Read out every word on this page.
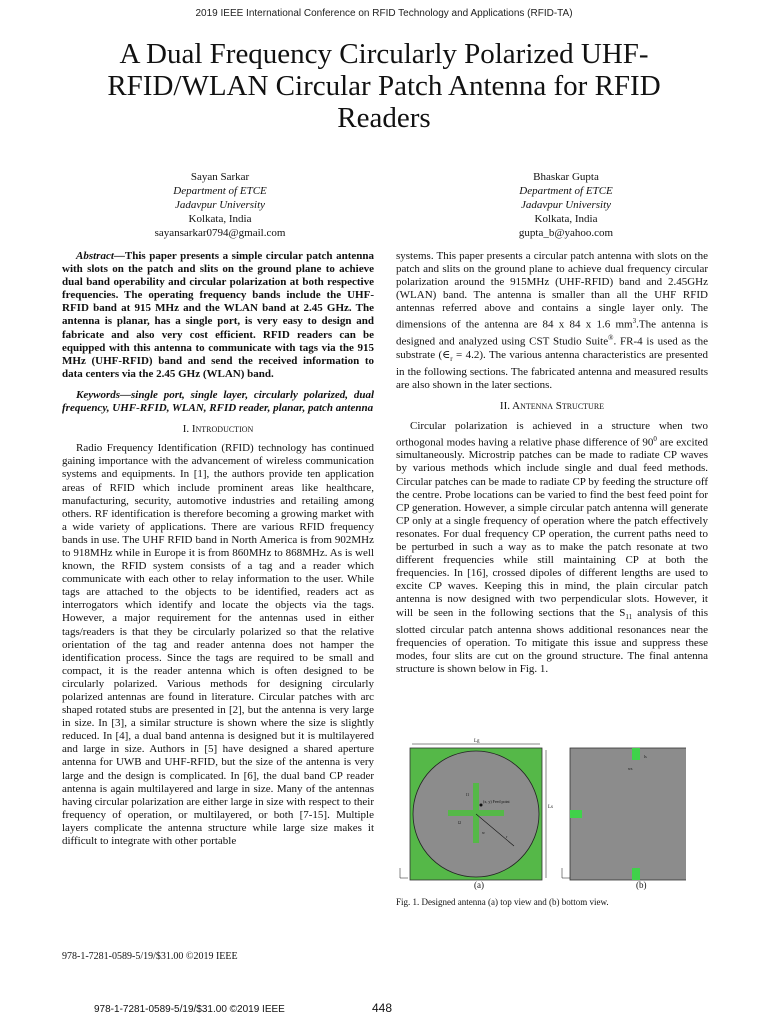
2019 IEEE International Conference on RFID Technology and Applications (RFID-TA)
A Dual Frequency Circularly Polarized UHF-RFID/WLAN Circular Patch Antenna for RFID Readers
Sayan Sarkar
Department of ETCE
Jadavpur University
Kolkata, India
sayansarkar0794@gmail.com
Bhaskar Gupta
Department of ETCE
Jadavpur University
Kolkata, India
gupta_b@yahoo.com

Abstract—This paper presents a simple circular patch antenna with slots on the patch and slits on the ground plane to achieve dual band operability and circular polarization at both respective frequencies. The operating frequency bands include the UHF-RFID band at 915 MHz and the WLAN band at 2.45 GHz. The antenna is planar, has a single port, is very easy to design and fabricate and also very cost efficient. RFID readers can be equipped with this antenna to communicate with tags via the 915 MHz (UHF-RFID) band and send the received information to data centers via the 2.45 GHz (WLAN) band.

Keywords—single port, single layer, circularly polarized, dual frequency, UHF-RFID, WLAN, RFID reader, planar, patch antenna

I. Introduction

Radio Frequency Identification (RFID) technology has continued gaining importance with the advancement of wireless communication systems and equipments. In [1], the authors provide ten application areas of RFID which include prominent areas like healthcare, manufacturing, security, automotive industries and retailing among others. RF identification is therefore becoming a growing market with a wide variety of applications. There are various RFID frequency bands in use. The UHF RFID band in North America is from 902MHz to 918MHz while in Europe it is from 860MHz to 868MHz. As is well known, the RFID system consists of a tag and a reader which communicate with each other to relay information to the user. While tags are attached to the objects to be identified, readers act as interrogators which identify and locate the objects via the tags. However, a major requirement for the antennas used in either tags/readers is that they be circularly polarized so that the relative orientation of the tag and reader antenna does not hamper the identification process. Since the tags are required to be small and compact, it is the reader antenna which is often designed to be circularly polarized. Various methods for designing circularly polarized antennas are found in literature. Circular patches with arc shaped rotated stubs are presented in [2], but the antenna is very large in size. In [3], a similar structure is shown where the size is slightly reduced. In [4], a dual band antenna is designed but it is multilayered and large in size. Authors in [5] have designed a shared aperture antenna for UWB and UHF-RFID, but the size of the antenna is very large and the design is complicated. In [6], the dual band CP reader antenna is again multilayered and large in size. Many of the antennas having circular polarization are either large in size with respect to their frequency of operation, or multilayered, or both [7-15]. Multiple layers complicate the antenna structure while large size makes it difficult to integrate with other portable

systems. This paper presents a circular patch antenna with slots on the patch and slits on the ground plane to achieve dual frequency circular polarization around the 915MHz (UHF-RFID) band and 2.45GHz (WLAN) band. The antenna is smaller than all the UHF RFID antennas referred above and contains a single layer only. The dimensions of the antenna are 84 x 84 x 1.6 $mm^3.The$ antenna is designed and analyzed using CST Studio Suite®. FR-4 is used as the substrate $(\in_r = 4.2)$. The various antenna characteristics are presented in the following sections. The fabricated antenna and measured results are also shown in the later sections.

II. Antenna Structure

Circular polarization is achieved in a structure when two orthogonal modes having a relative phase difference of $90^0$ are excited simultaneously. Microstrip patches can be made to radiate CP waves by various methods which include single and dual feed methods. Circular patches can be made to radiate CP by feeding the structure off the centre. Probe locations can be varied to find the best feed point for CP generation. However, a simple circular patch antenna will generate CP only at a single frequency of operation where the patch effectively resonates. For dual frequency CP operation, the current paths need to be perturbed in such a way as to make the patch resonate at two different frequencies while still maintaining CP at both the frequencies. In [16], crossed dipoles of different lengths are used to excite CP waves. Keeping this in mind, the plain circular patch antenna is now designed with two perpendicular slots. However, it will be seen in the following sections that the $S_{11}$ analysis of this slotted circular patch antenna shows additional resonances near the frequencies of operation. To mitigate this issue and suppress these modes, four slits are cut on the ground structure. The final antenna structure is shown below in Fig. 1.

Lg
Ls
(x, y) Feed point
l1
l2
w
r
ls
ws
(a)	(b)
Fig. 1. Designed antenna (a) top view and (b) bottom view.
978-1-7281-0589-5/19/$31.00 ©2019 IEEE
978-1-7281-0589-5/19/$31.00 ©2019 IEEE	448
